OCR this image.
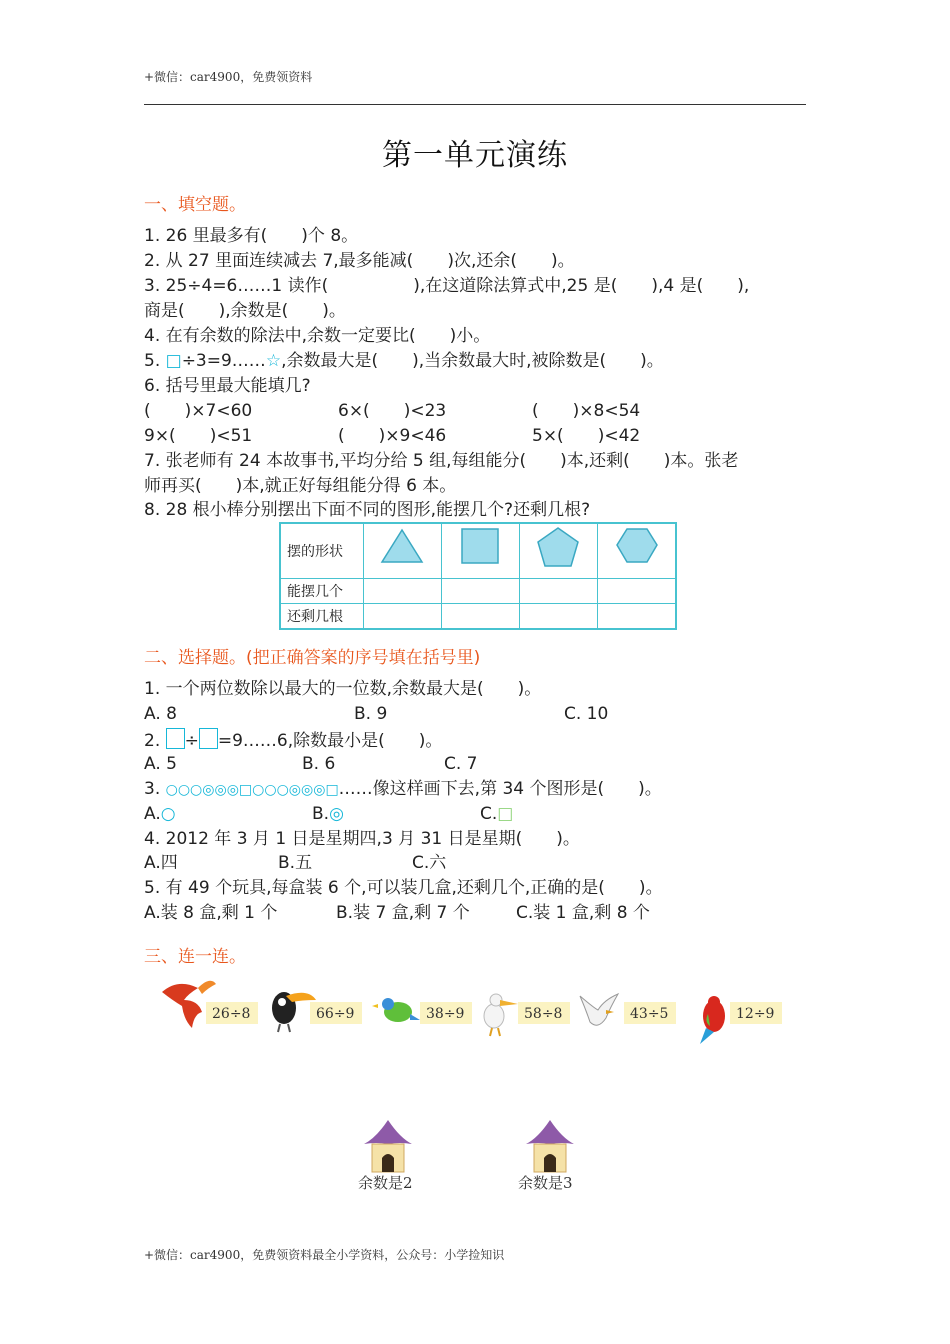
+微信：car4900，免费领资料
第一单元演练
一、填空题。
1. 26 里最多有(　　)个 8。
2. 从 27 里面连续减去 7,最多能减(　　)次,还余(　　)。
3. 25÷4=6……1 读作(　　　　　),在这道除法算式中,25 是(　　),4 是(　　),
商是(　　),余数是(　　)。
4. 在有余数的除法中,余数一定要比(　　)小。
5. □÷3=9……☆,余数最大是(　　),当余数最大时,被除数是(　　)。
6. 括号里最大能填几?
(　　)×7<60	6×(　　)<23	(　　)×8<54
9×(　　)<51	(　　)×9<46	5×(　　)<42
7. 张老师有 24 本故事书,平均分给 5 组,每组能分(　　)本,还剩(　　)本。张老
师再买(　　)本,就正好每组能分得 6 本。
8. 28 根小棒分别摆出下面不同的图形,能摆几个?还剩几根?
摆的形状				
能摆几个				
还剩几根				
二、选择题。(把正确答案的序号填在括号里)
1. 一个两位数除以最大的一位数,余数最大是(　　)。
A. 8	B. 9	C. 10
2. ÷ =9……6,除数最小是(　　)。
A. 5	B. 6	C. 7
3. ○○○◎◎◎□○○○◎◎◎□……像这样画下去,第 34 个图形是(　　)。
A.○	B.◎	C.□
4. 2012 年 3 月 1 日是星期四,3 月 31 日是星期(　　)。
A.四	B.五	C.六
5. 有 49 个玩具,每盒装 6 个,可以装几盒,还剩几个,正确的是(　　)。
A.装 8 盒,剩 1 个	B.装 7 盒,剩 7 个	C.装 1 盒,剩 8 个
三、连一连。
26÷8	66÷9	38÷9	58÷8	43÷5	12÷9
余数是2	余数是3
+微信：car4900，免费领资料最全小学资料，公众号：小学捡知识
